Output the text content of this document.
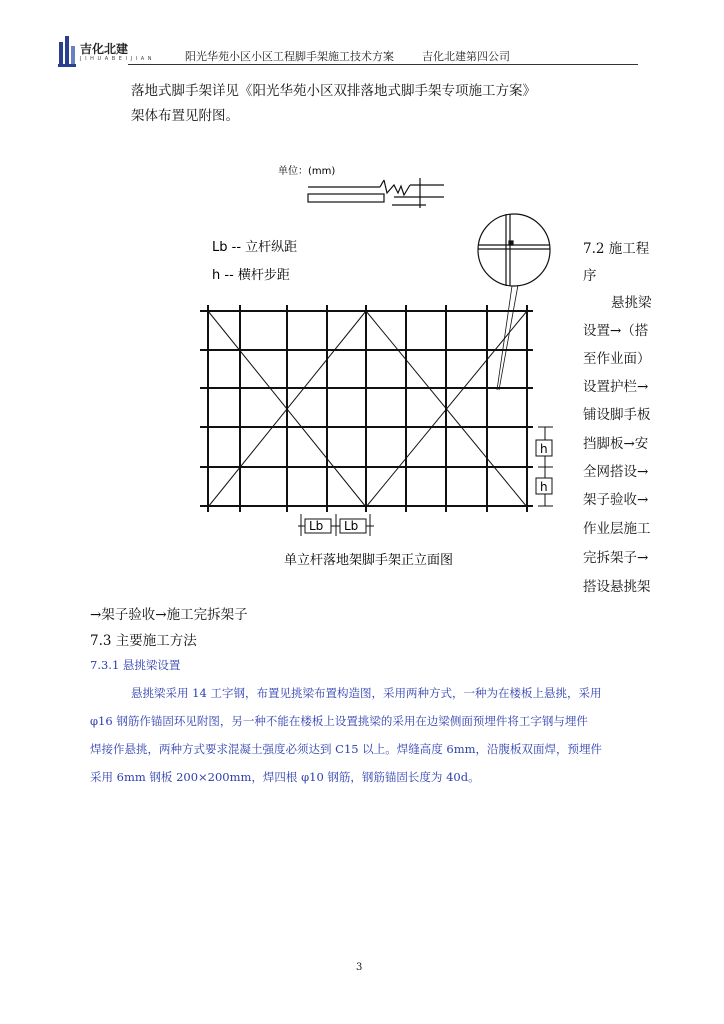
吉化北建
J I H U A B E I J I A N	阳光华苑小区小区工程脚手架施工技术方案	吉化北建第四公司
落地式脚手架详见《阳光华苑小区双排落地式脚手架专项施工方案》
架体布置见附图。
单位：(mm)
Lb -- 立杆纵距
h -- 横杆步距
h
h
Lb Lb
单立杆落地架脚手架正立面图
7.2 施工程
序
悬挑梁
设置→（搭
至作业面）
设置护栏→
铺设脚手板
挡脚板→安
全网搭设→
架子验收→
作业层施工
完拆架子→
搭设悬挑架
→架子验收→施工完拆架子
7.3 主要施工方法
7.3.1 悬挑梁设置
悬挑梁采用 14 工字钢，布置见挑梁布置构造图，采用两种方式，一种为在楼板上悬挑，采用
φ16 钢筋作锚固环见附图，另一种不能在楼板上设置挑梁的采用在边梁侧面预埋件将工字钢与埋件
焊接作悬挑，两种方式要求混凝土强度必须达到 C15 以上。焊缝高度 6mm，沿腹板双面焊，预埋件
采用 6mm 钢板 200×200mm，焊四根 φ10 钢筋，钢筋锚固长度为 40d。
3
